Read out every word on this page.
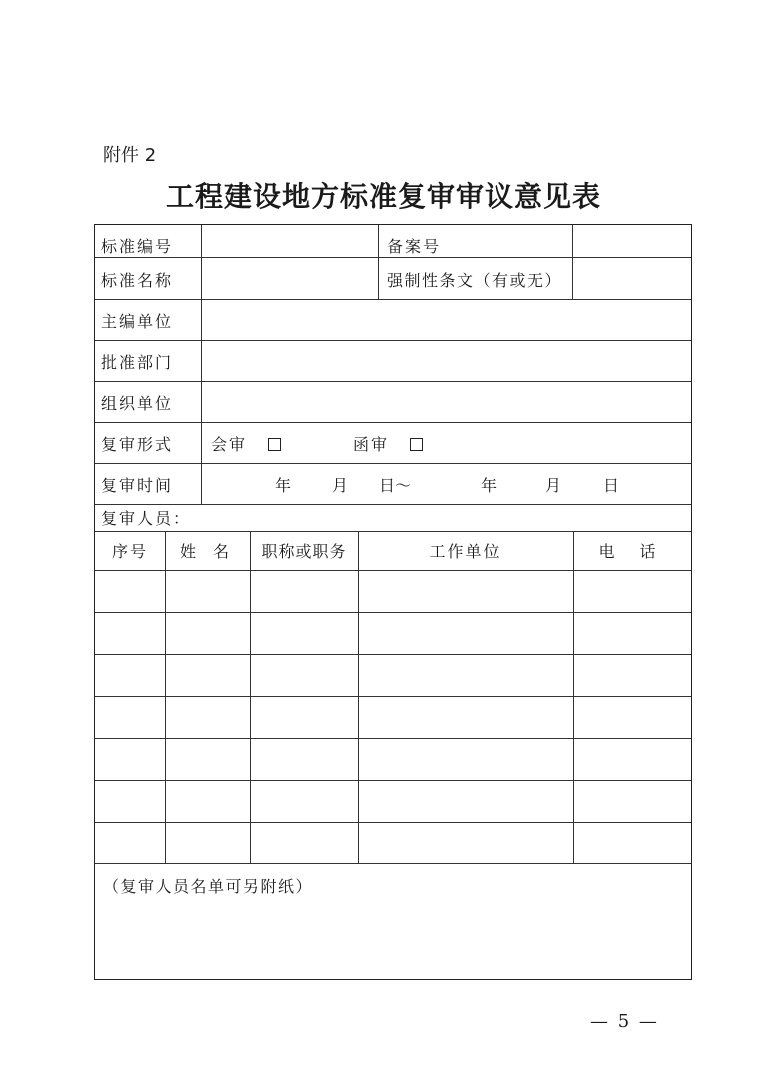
附件 2
工程建设地方标准复审审议意见表
标准编号	备案号
标准名称	强制性条文（有或无）
主编单位
批准部门
组织单位
复审形式 会审	函审
复审时间	年 月 日～	年	月 日
复审人员：
序号	姓 名	职称或职务	工作单位	电 话
（复审人员名单可另附纸）
— 5 —
